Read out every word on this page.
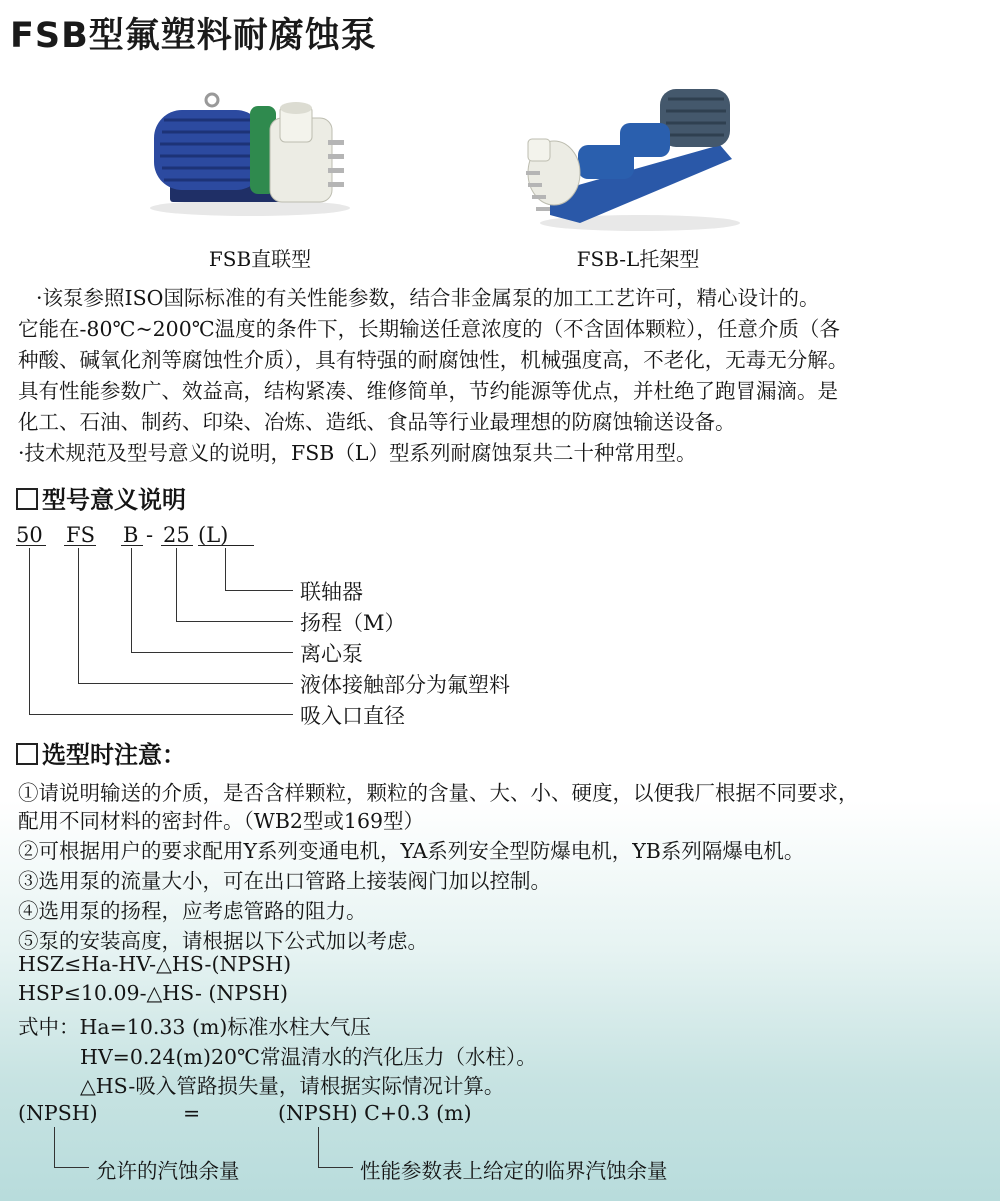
FSB型氟塑料耐腐蚀泵
FSB直联型	FSB-L托架型

·该泵参照ISO国际标准的有关性能参数，结合非金属泵的加工工艺许可，精心设计的。

它能在-80℃~200℃温度的条件下，长期输送任意浓度的（不含固体颗粒），任意介质（各

种酸、碱氧化剂等腐蚀性介质），具有特强的耐腐蚀性，机械强度高，不老化，无毒无分解。

具有性能参数广、效益高，结构紧凑、维修简单，节约能源等优点，并杜绝了跑冒漏滴。是

化工、石油、制药、印染、冶炼、造纸、食品等行业最理想的防腐蚀输送设备。

·技术规范及型号意义的说明，FSB（L）型系列耐腐蚀泵共二十种常用型。

型号意义说明
50 FS B - 25 (L)
联轴器
扬程（M）
离心泵
液体接触部分为氟塑料
吸入口直径
选型时注意：
①请说明输送的介质，是否含样颗粒，颗粒的含量、大、小、硬度，以便我厂根据不同要求，
配用不同材料的密封件。（WB2型或169型）
②可根据用户的要求配用Y系列变通电机，YA系列安全型防爆电机，YB系列隔爆电机。
③选用泵的流量大小，可在出口管路上接装阀门加以控制。
④选用泵的扬程，应考虑管路的阻力。
⑤泵的安装高度，请根据以下公式加以考虑。
HSZ≤Ha-HV-△HS-(NPSH)
HSP≤10.09-△HS- (NPSH)
式中：Ha=10.33 (m)标准水柱大气压
HV=0.24(m)20℃常温清水的汽化压力（水柱）。
△HS-吸入管路损失量，请根据实际情况计算。
(NPSH)	=	(NPSH) C+0.3 (m)
允许的汽蚀余量	性能参数表上给定的临界汽蚀余量
